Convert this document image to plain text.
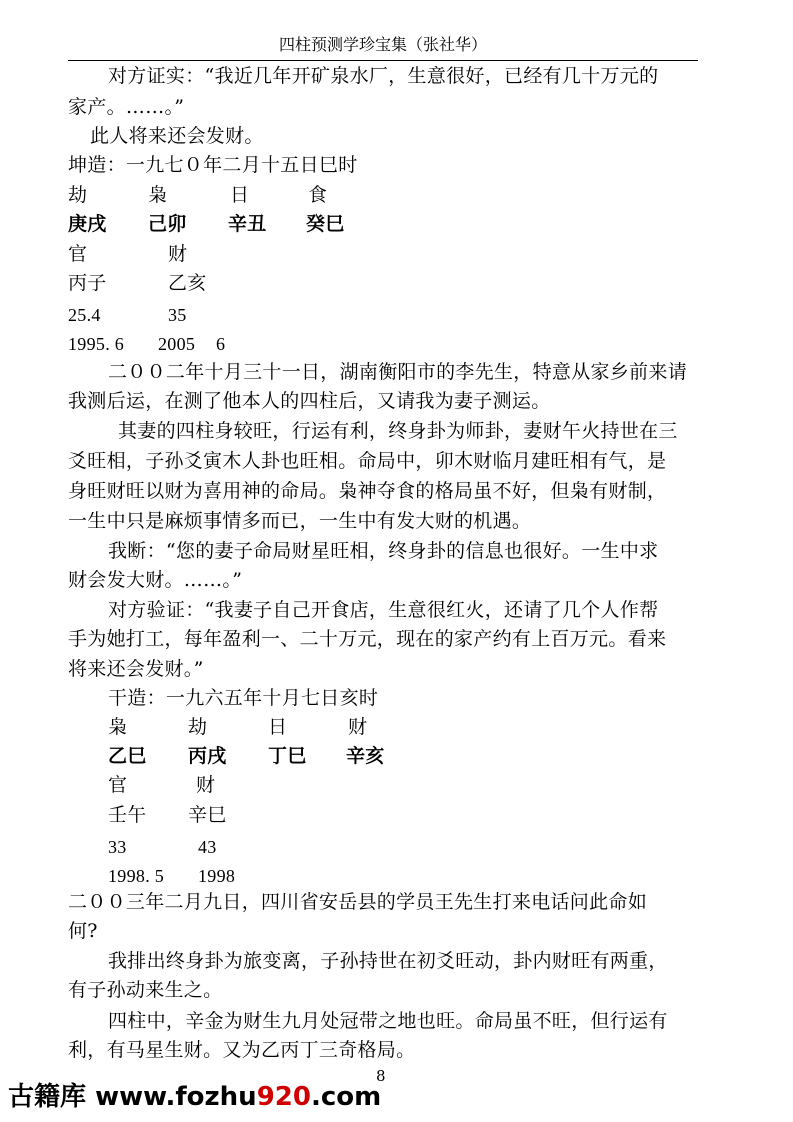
四柱预测学珍宝集（张社华）
对方证实：“我近几年开矿泉水厂，生意很好，已经有几十万元的
家产。……。”
此人将来还会发财。
坤造：一九七０年二月十五日巳时
劫	枭	日	食
庚戌 己卯 辛丑 癸巳
官	财
丙子	乙亥
25.4	35
1995. 6 2005 6
二００二年十月三十一日，湖南衡阳市的李先生，特意从家乡前来请
我测后运，在测了他本人的四柱后，又请我为妻子测运。
其妻的四柱身较旺，行运有利，终身卦为师卦，妻财午火持世在三
爻旺相，子孙爻寅木人卦也旺相。命局中，卯木财临月建旺相有气，是
身旺财旺以财为喜用神的命局。枭神夺食的格局虽不好，但枭有财制，
一生中只是麻烦事情多而已，一生中有发大财的机遇。
我断：“您的妻子命局财星旺相，终身卦的信息也很好。一生中求
财会发大财。……。”
对方验证：“我妻子自己开食店，生意很红火，还请了几个人作帮
手为她打工，每年盈利一、二十万元，现在的家产约有上百万元。看来
将来还会发财。”
干造：一九六五年十月七日亥时
枭	劫	日	财
乙巳 丙戌 丁巳 辛亥
官	财
壬午 辛巳
33	43
1998. 5 1998
二００三年二月九日，四川省安岳县的学员王先生打来电话问此命如
何?
我排出终身卦为旅变离，子孙持世在初爻旺动，卦内财旺有两重，
有子孙动来生之。
四柱中，辛金为财生九月处冠带之地也旺。命局虽不旺，但行运有
利，有马星生财。又为乙丙丁三奇格局。
8
古籍库 www.fozhu920.com
